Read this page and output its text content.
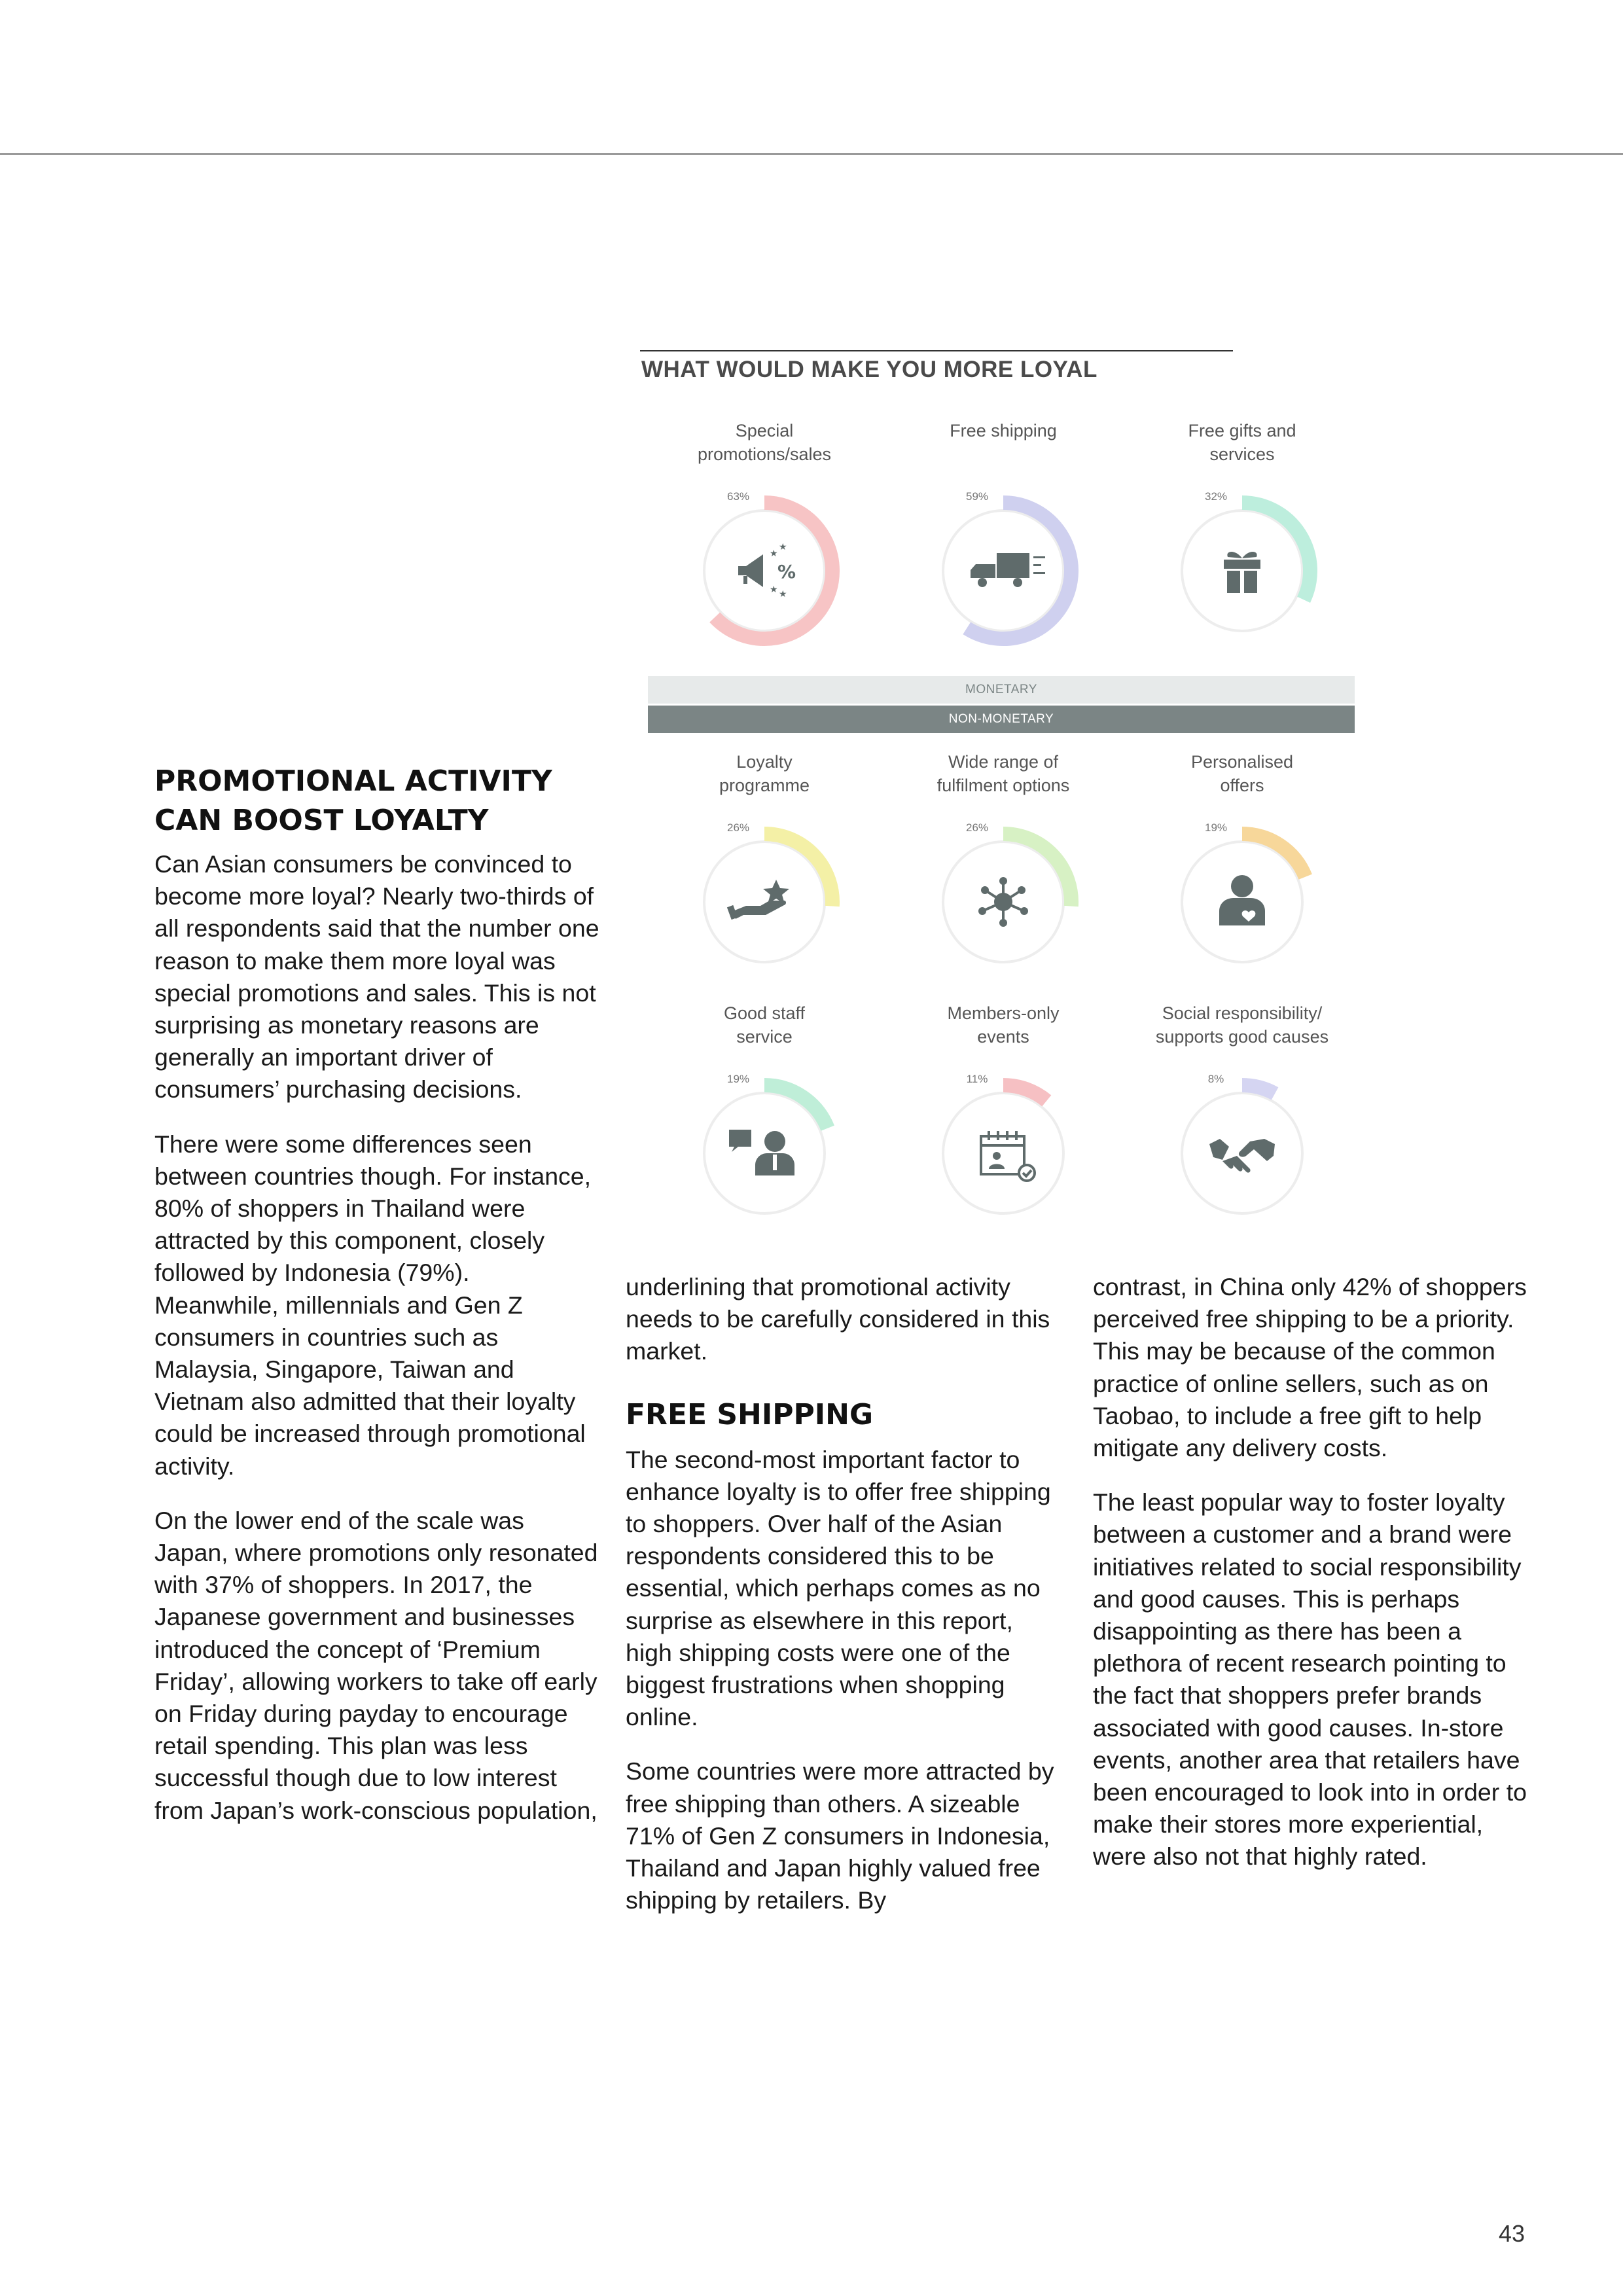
WHAT WOULD MAKE YOU MORE LOYAL
MONETARY
NON-MONETARY
Special promotions/sales
63%
%
★
★
★ ★
Free shipping
59%
Free gifts and services
32%
Loyalty programme
26%
Wide range of fulfilment options
26%
Personalised offers
19%
Good staff service
19%
Members-only events
11%
Social responsibility/ supports good causes
8%
PROMOTIONAL ACTIVITY CAN BOOST LOYALTY

Can Asian consumers be convinced to become more loyal? Nearly two-thirds of all respondents said that the number one reason to make them more loyal was special promotions and sales. This is not surprising as monetary reasons are generally an important driver of consumers’ purchasing decisions.

There were some differences seen between countries though. For instance, 80% of shoppers in Thailand were attracted by this component, closely followed by Indonesia (79%). Meanwhile, millennials and Gen Z consumers in countries such as Malaysia, Singapore, Taiwan and Vietnam also admitted that their loyalty could be increased through promotional activity.

On the lower end of the scale was Japan, where promotions only resonated with 37% of shoppers. In 2017, the Japanese government and businesses introduced the concept of ‘Premium Friday’, allowing workers to take off early on Friday during payday to encourage retail spending. This plan was less successful though due to low interest from Japan’s work-conscious population,

underlining that promotional activity needs to be carefully considered in this market.

FREE SHIPPING

The second-most important factor to enhance loyalty is to offer free shipping to shoppers. Over half of the Asian respondents considered this to be essential, which perhaps comes as no surprise as elsewhere in this report, high shipping costs were one of the biggest frustrations when shopping online.

Some countries were more attracted by free shipping than others. A sizeable 71% of Gen Z consumers in Indonesia, Thailand and Japan highly valued free shipping by retailers. By

contrast, in China only 42% of shoppers perceived free shipping to be a priority. This may be because of the common practice of online sellers, such as on Taobao, to include a free gift to help mitigate any delivery costs.

The least popular way to foster loyalty between a customer and a brand were initiatives related to social responsibility and good causes. This is perhaps disappointing as there has been a plethora of recent research pointing to the fact that shoppers prefer brands associated with good causes. In-store events, another area that retailers have been encouraged to look into in order to make their stores more experiential, were also not that highly rated.

43
